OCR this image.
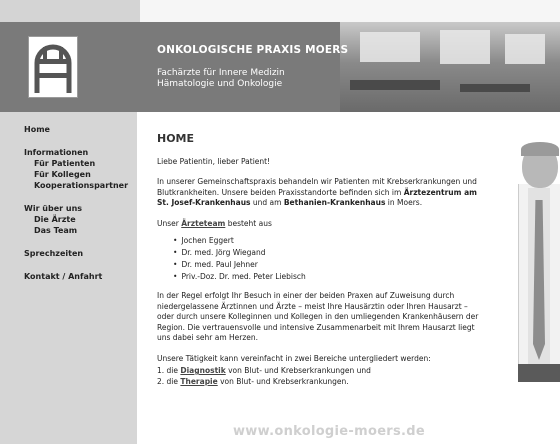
ONKOLOGISCHE PRAXIS MOERS
Fachärzte für Innere Medizin
Hämatologie und Onkologie
Home
Informationen
Für Patienten
Für Kollegen
Kooperationspartner
Wir über uns
Die Ärzte
Das Team
Sprechzeiten
Kontakt / Anfahrt
HOME

Liebe Patientin, lieber Patient!

In unserer Gemeinschaftspraxis behandeln wir Patienten mit Krebserkrankungen und Blutkrankheiten. Unsere beiden Praxisstandorte befinden sich im Ärztezentrum am St. Josef-Krankenhaus und am Bethanien-Krankenhaus in Moers.

Unser Ärzteteam besteht aus

• Jochen Eggert
• Dr. med. Jörg Wiegand
• Dr. med. Paul Jehner
• Priv.-Doz. Dr. med. Peter Liebisch

In der Regel erfolgt Ihr Besuch in einer der beiden Praxen auf Zuweisung durch niedergelassene Ärztinnen und Ärzte – meist Ihre Hausärztin oder Ihren Hausarzt – oder durch unsere Kolleginnen und Kollegen in den umliegenden Krankenhäusern der Region. Die vertrauensvolle und intensive Zusammenarbeit mit Ihrem Hausarzt liegt uns dabei sehr am Herzen.

Unsere Tätigkeit kann vereinfacht in zwei Bereiche untergliedert werden:

1. die Diagnostik von Blut- und Krebserkrankungen und
2. die Therapie von Blut- und Krebserkrankungen.
www.onkologie-moers.de
